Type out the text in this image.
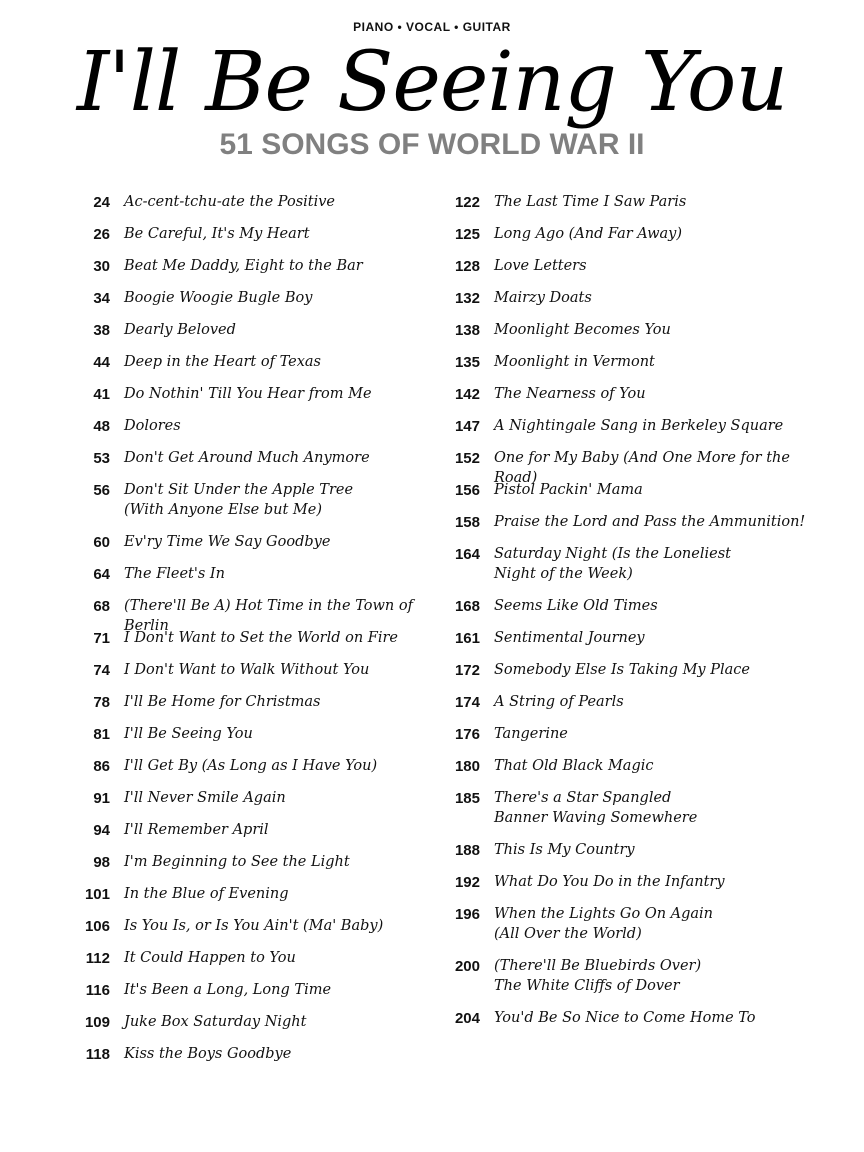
PIANO • VOCAL • GUITAR
I'll Be Seeing You
51 SONGS OF WORLD WAR II
24 Ac-cent-tchu-ate the Positive
26 Be Careful, It's My Heart
30 Beat Me Daddy, Eight to the Bar
34 Boogie Woogie Bugle Boy
38 Dearly Beloved
44 Deep in the Heart of Texas
41 Do Nothin' Till You Hear from Me
48 Dolores
53 Don't Get Around Much Anymore
56 Don't Sit Under the Apple Tree
(With Anyone Else but Me)
60 Ev'ry Time We Say Goodbye
64 The Fleet's In
68 (There'll Be A) Hot Time in the Town of Berlin
71 I Don't Want to Set the World on Fire
74 I Don't Want to Walk Without You
78 I'll Be Home for Christmas
81 I'll Be Seeing You
86 I'll Get By (As Long as I Have You)
91 I'll Never Smile Again
94 I'll Remember April
98 I'm Beginning to See the Light
101 In the Blue of Evening
106 Is You Is, or Is You Ain't (Ma' Baby)
112 It Could Happen to You
116 It's Been a Long, Long Time
109 Juke Box Saturday Night
118 Kiss the Boys Goodbye
122 The Last Time I Saw Paris
125 Long Ago (And Far Away)
128 Love Letters
132 Mairzy Doats
138 Moonlight Becomes You
135 Moonlight in Vermont
142 The Nearness of You
147 A Nightingale Sang in Berkeley Square
152 One for My Baby (And One More for the Road)
156 Pistol Packin' Mama
158 Praise the Lord and Pass the Ammunition!
164 Saturday Night (Is the Loneliest
Night of the Week)
168 Seems Like Old Times
161 Sentimental Journey
172 Somebody Else Is Taking My Place
174 A String of Pearls
176 Tangerine
180 That Old Black Magic
185 There's a Star Spangled
Banner Waving Somewhere
188 This Is My Country
192 What Do You Do in the Infantry
196 When the Lights Go On Again
(All Over the World)
200 (There'll Be Bluebirds Over)
The White Cliffs of Dover
204 You'd Be So Nice to Come Home To
